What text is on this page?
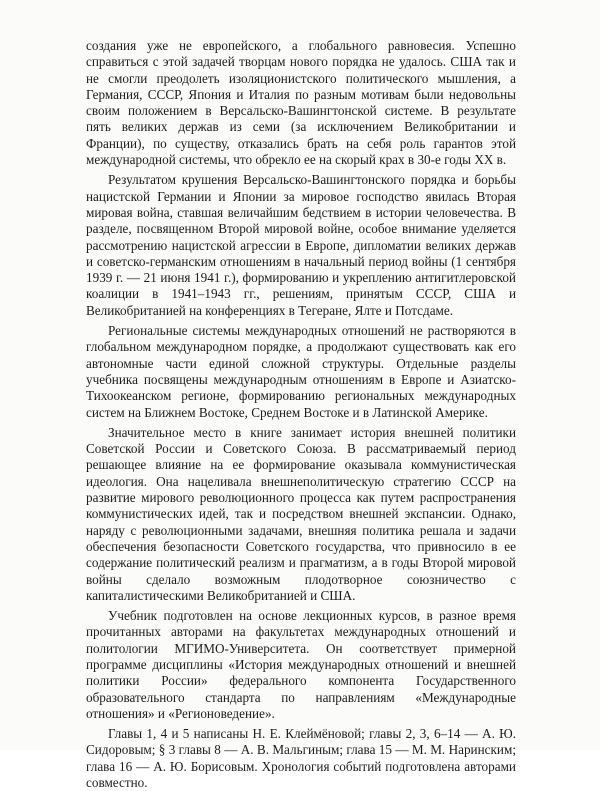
создания уже не европейского, а глобального равновесия. Успешно справиться с этой задачей творцам нового порядка не удалось. США так и не смогли преодолеть изоляционистского политического мышления, а Германия, СССР, Япония и Италия по разным мотивам были недовольны своим положением в Версальско-Вашингтонской системе. В результате пять великих держав из семи (за исключением Великобритании и Франции), по существу, отказались брать на себя роль гарантов этой международной системы, что обрекло ее на скорый крах в 30-е годы XX в.

Результатом крушения Версальско-Вашингтонского порядка и борьбы нацистской Германии и Японии за мировое господство явилась Вторая мировая война, ставшая величайшим бедствием в истории человечества. В разделе, посвященном Второй мировой войне, особое внимание уделяется рассмотрению нацистской агрессии в Европе, дипломатии великих держав и советско-германским отношениям в начальный период войны (1 сентября 1939 г. — 21 июня 1941 г.), формированию и укреплению антигитлеровской коалиции в 1941–1943 гг., решениям, принятым СССР, США и Великобританией на конференциях в Тегеране, Ялте и Потсдаме.

Региональные системы международных отношений не растворяются в глобальном международном порядке, а продолжают существовать как его автономные части единой сложной структуры. Отдельные разделы учебника посвящены международным отношениям в Европе и Азиатско-Тихоокеанском регионе, формированию региональных международных систем на Ближнем Востоке, Среднем Востоке и в Латинской Америке.

Значительное место в книге занимает история внешней политики Советской России и Советского Союза. В рассматриваемый период решающее влияние на ее формирование оказывала коммунистическая идеология. Она нацеливала внешнеполитическую стратегию СССР на развитие мирового революционного процесса как путем распространения коммунистических идей, так и посредством внешней экспансии. Однако, наряду с революционными задачами, внешняя политика решала и задачи обеспечения безопасности Советского государства, что привносило в ее содержание политический реализм и прагматизм, а в годы Второй мировой войны сделало возможным плодотворное союзничество с капиталистическими Великобританией и США.

Учебник подготовлен на основе лекционных курсов, в разное время прочитанных авторами на факультетах международных отношений и политологии МГИМО-Университета. Он соответствует примерной программе дисциплины «История международных отношений и внешней политики России» федерального компонента Государственного образовательного стандарта по направлениям «Международные отношения» и «Регионоведение».

Главы 1, 4 и 5 написаны Н. Е. Клеймёновой; главы 2, 3, 6–14 — А. Ю. Сидоровым; § 3 главы 8 — А. В. Мальгиным; глава 15 — М. М. Наринским; глава 16 — А. Ю. Борисовым. Хронология событий подготовлена авторами совместно.
